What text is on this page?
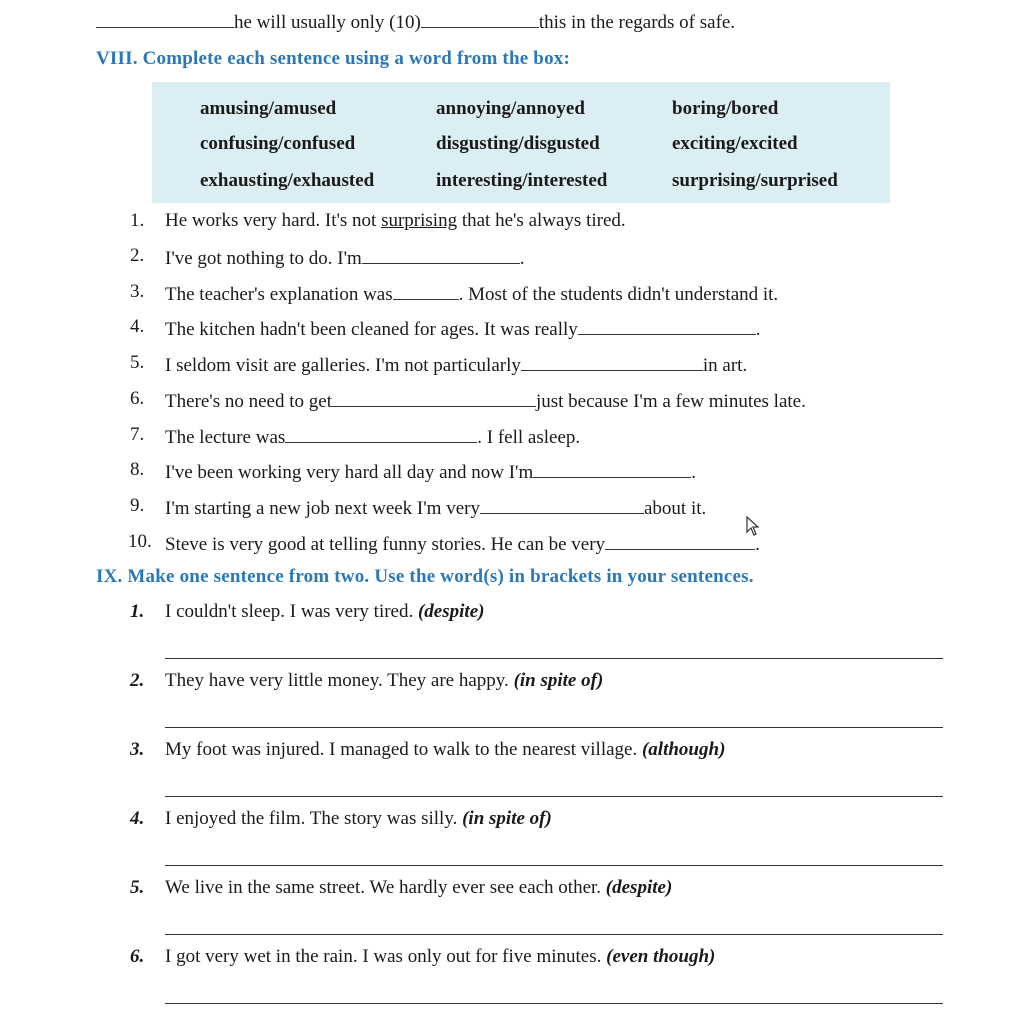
he will usually only (10)	this in the regards of safe.
VIII. Complete each sentence using a word from the box:
amusing/amused	annoying/annoyed	boring/bored
confusing/confused	disgusting/disgusted	exciting/excited
exhausting/exhausted	interesting/interested	surprising/surprised
1. He works very hard. It's not surprising that he's always tired.
2. I've got nothing to do. I'm	.
3. The teacher's explanation was	. Most of the students didn't understand it.
4. The kitchen hadn't been cleaned for ages. It was really	.
5. I seldom visit are galleries. I'm not particularly	in art.
6. There's no need to get	just because I'm a few minutes late.
7. The lecture was	. I fell asleep.
8. I've been working very hard all day and now I'm	.
9. I'm starting a new job next week I'm very	about it.
10. Steve is very good at telling funny stories. He can be very	.
IX. Make one sentence from two. Use the word(s) in brackets in your sentences.
1. I couldn't sleep. I was very tired. (despite)
2. They have very little money. They are happy. (in spite of)
3. My foot was injured. I managed to walk to the nearest village. (although)
4. I enjoyed the film. The story was silly. (in spite of)
5. We live in the same street. We hardly ever see each other. (despite)
6. I got very wet in the rain. I was only out for five minutes. (even though)
